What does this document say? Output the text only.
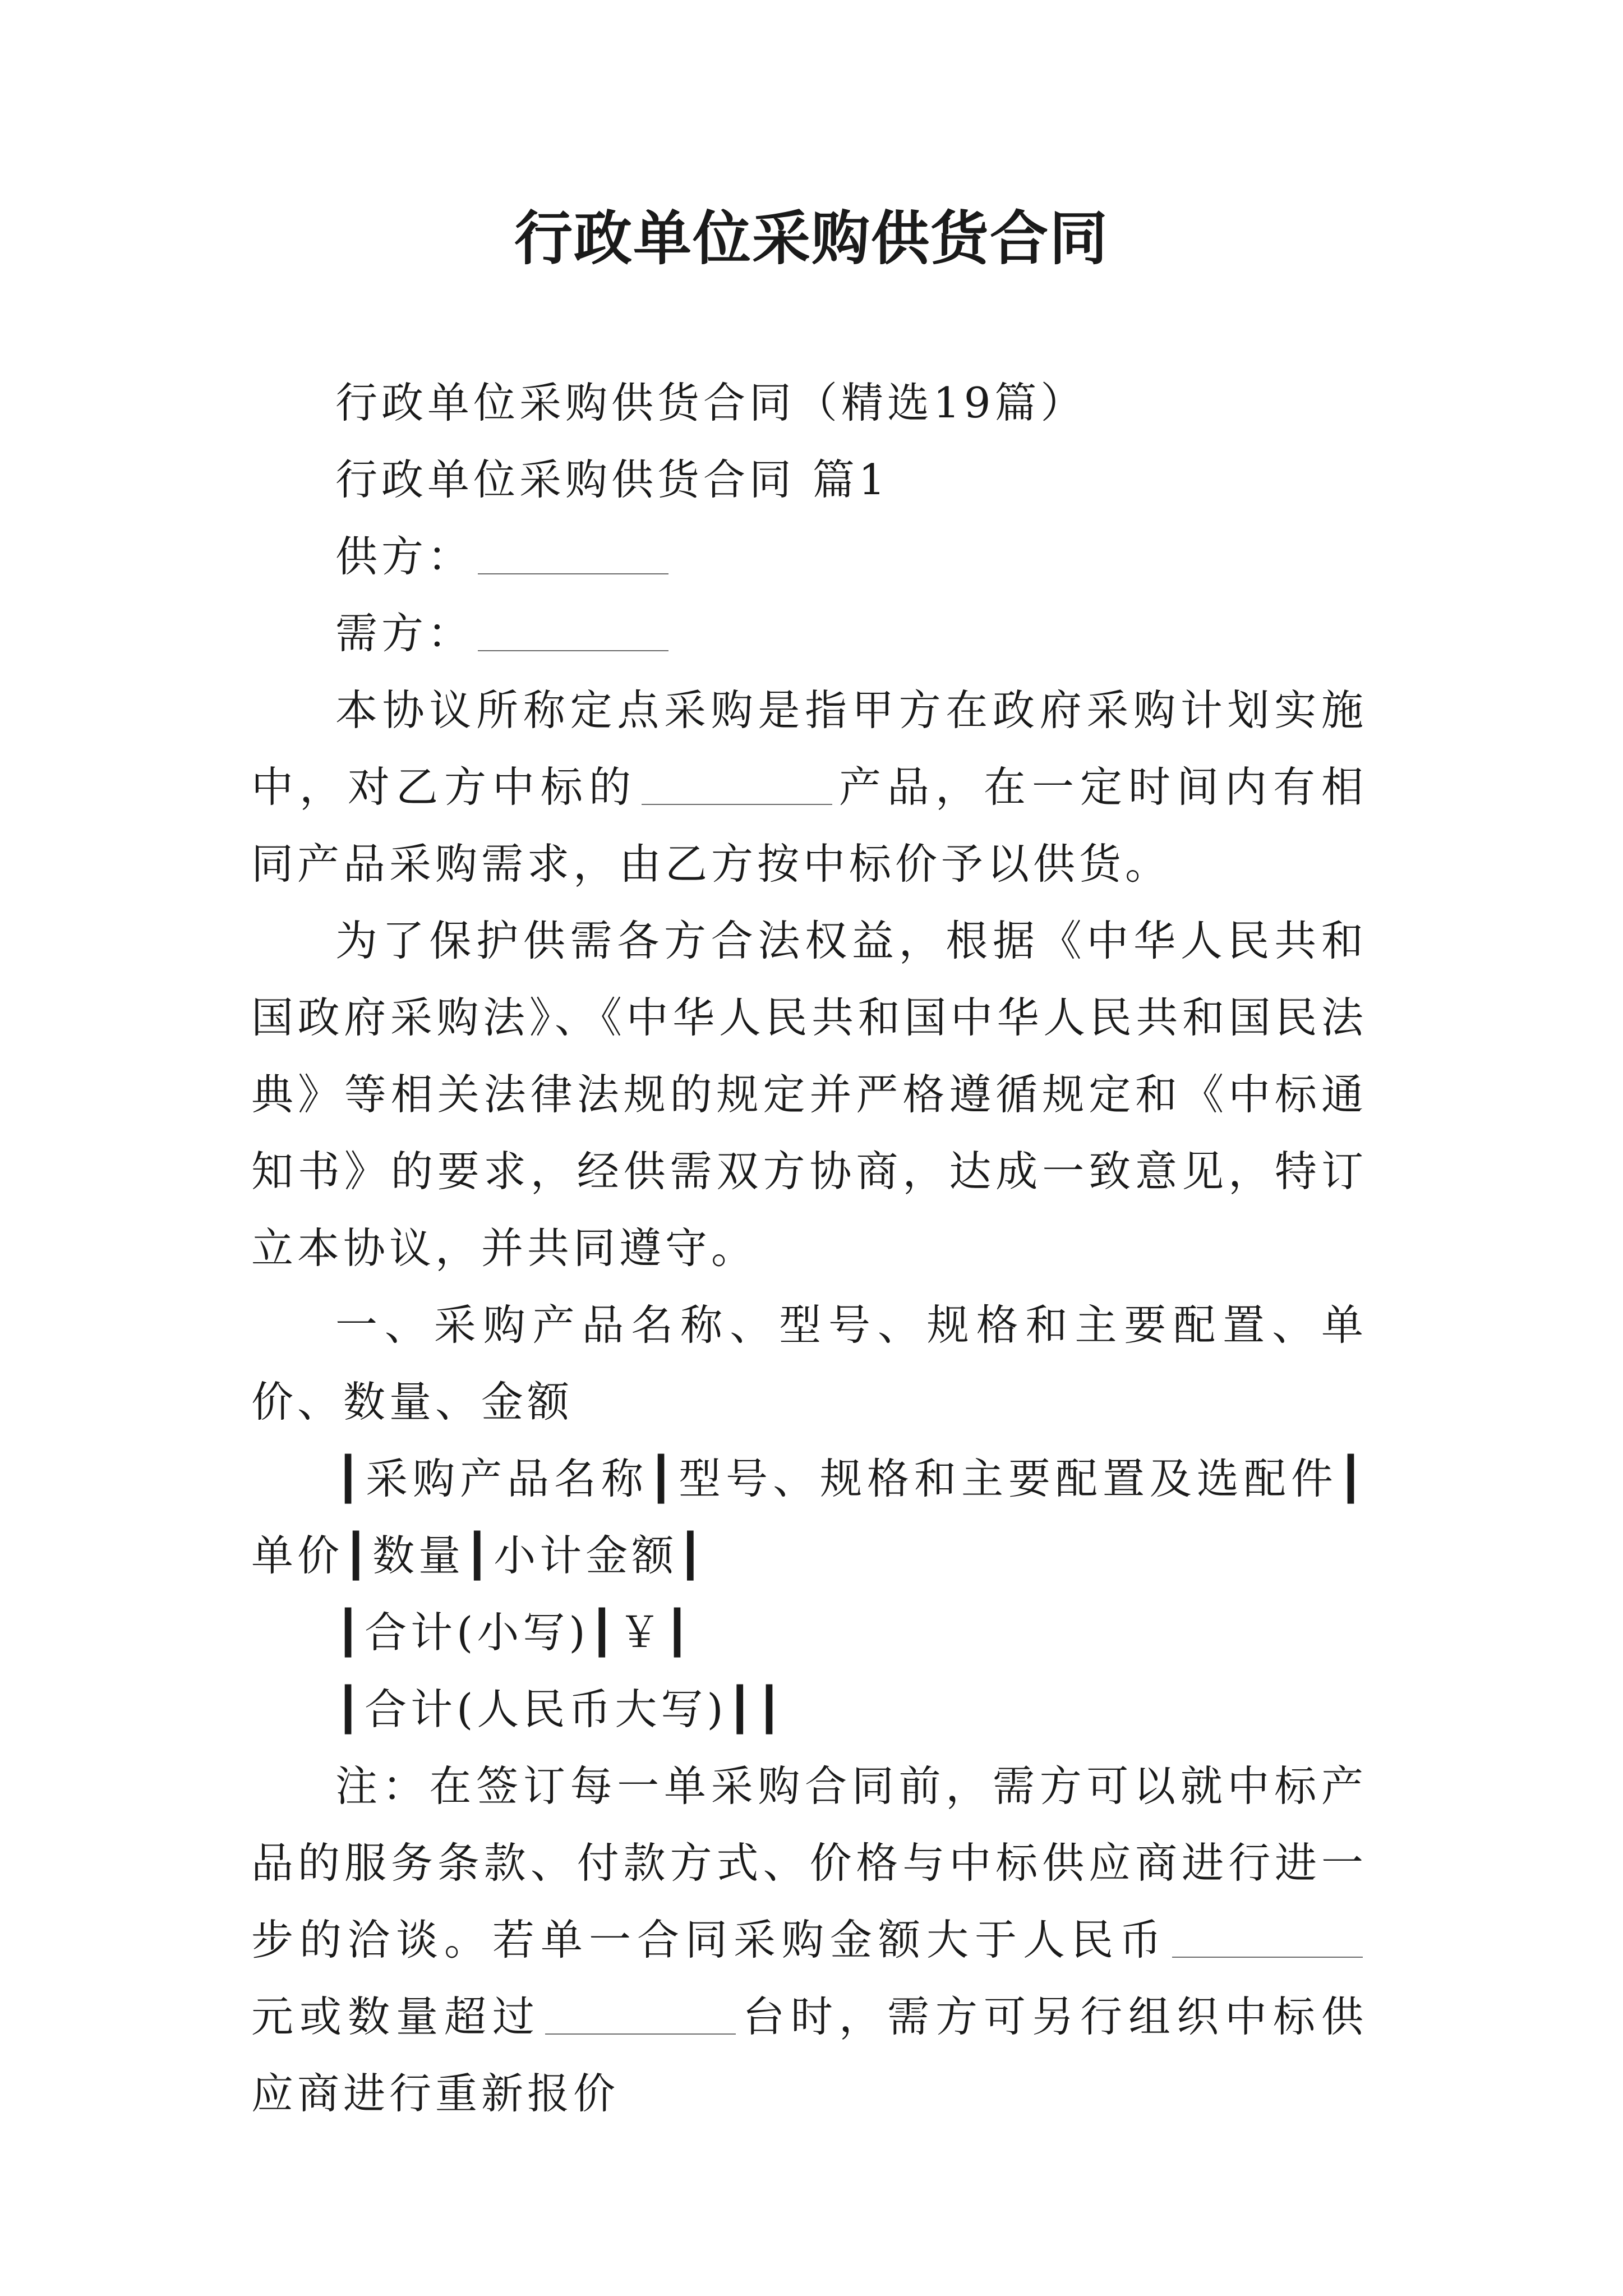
行政单位采购供货合同

行政单位采购供货合同（精选19篇）

行政单位采购供货合同 篇1

供方：

需方：

本协议所称定点采购是指甲方在政府采购计划实施中，对乙方中标的	产品，在一定时间内有相同产品采购需求，由乙方按中标价予以供货。

为了保护供需各方合法权益，根据《中华人民共和国政府采购法》、《中华人民共和国中华人民共和国民法典》等相关法律法规的规定并严格遵循规定和《中标通知书》的要求，经供需双方协商，达成一致意见，特订立本协议，并共同遵守。

一、采购产品名称、型号、规格和主要配置、单价、数量、金额

┃采购产品名称┃型号、规格和主要配置及选配件┃单价┃数量┃小计金额┃

┃合计(小写)┃￥┃

┃合计(人民币大写)┃┃

注：在签订每一单采购合同前，需方可以就中标产品的服务条款、付款方式、价格与中标供应商进行进一步的洽谈。若单一合同采购金额大于人民币元或数量超过	台时，需方可另行组织中标供应商进行重新报价
